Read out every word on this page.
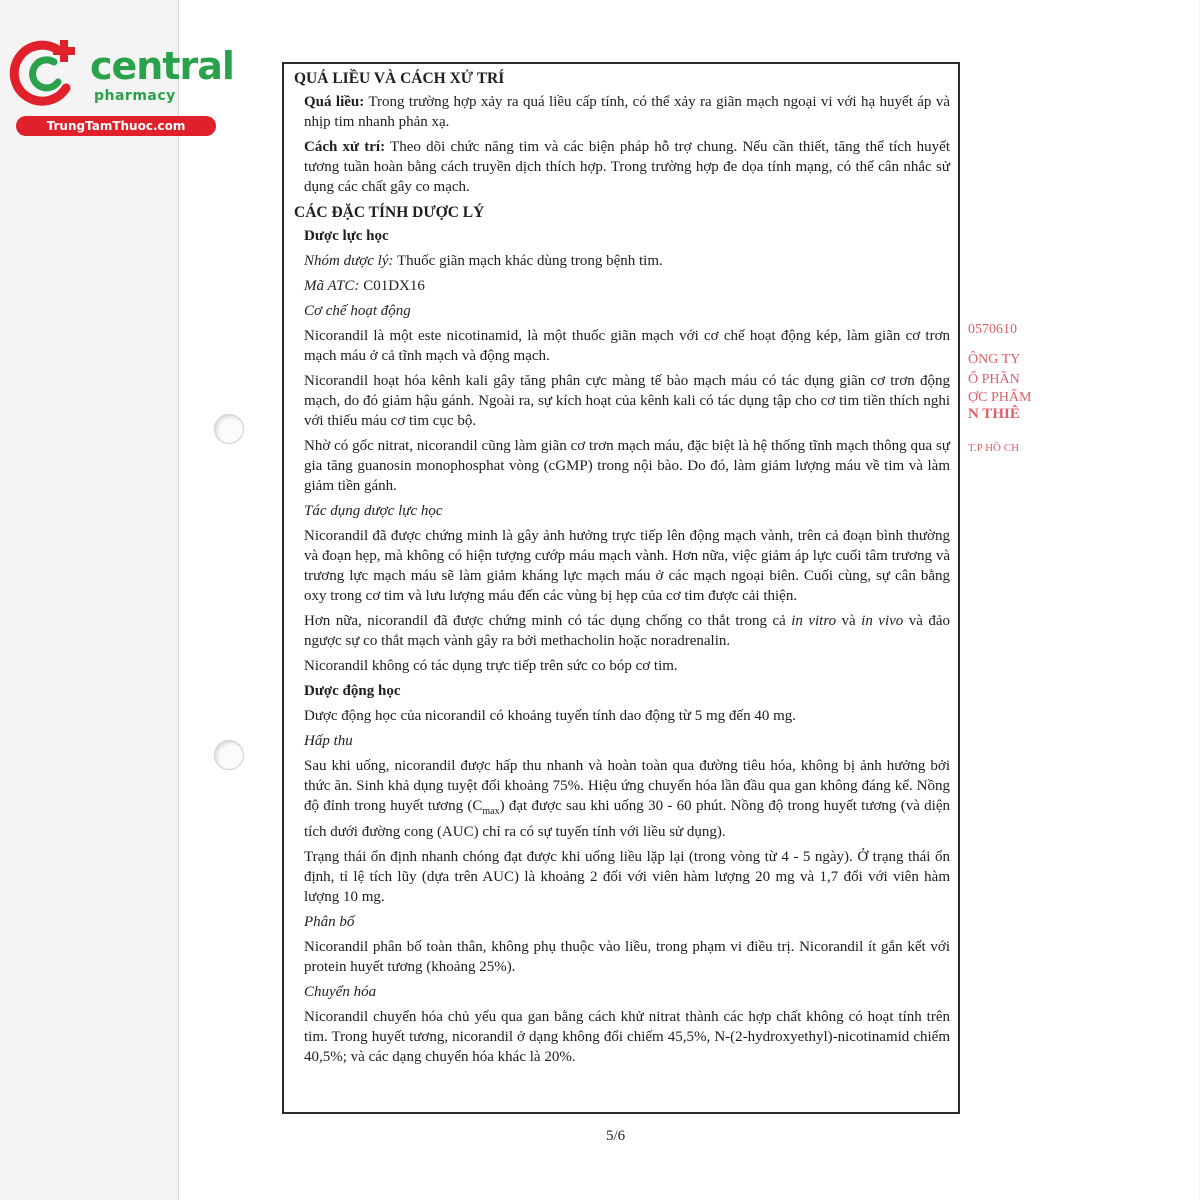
central
pharmacy
TrungTamThuoc.com
0570610
ÔNG TY
Ổ PHẦN
ỢC PHẨM
N THIÊ
T.P HỒ CH
QUÁ LIỀU VÀ CÁCH XỬ TRÍ
Quá liều: Trong trường hợp xảy ra quá liều cấp tính, có thể xảy ra giãn mạch ngoại vi với hạ huyết áp và nhịp tim nhanh phản xạ.
Cách xử trí: Theo dõi chức năng tim và các biện pháp hỗ trợ chung. Nếu cần thiết, tăng thể tích huyết tương tuần hoàn bằng cách truyền dịch thích hợp. Trong trường hợp đe dọa tính mạng, có thể cân nhắc sử dụng các chất gây co mạch.
CÁC ĐẶC TÍNH DƯỢC LÝ
Dược lực học
Nhóm dược lý: Thuốc giãn mạch khác dùng trong bệnh tim.
Mã ATC: C01DX16
Cơ chế hoạt động
Nicorandil là một este nicotinamid, là một thuốc giãn mạch với cơ chế hoạt động kép, làm giãn cơ trơn mạch máu ở cả tĩnh mạch và động mạch.
Nicorandil hoạt hóa kênh kali gây tăng phân cực màng tế bào mạch máu có tác dụng giãn cơ trơn động mạch, do đó giảm hậu gánh. Ngoài ra, sự kích hoạt của kênh kali có tác dụng tập cho cơ tim tiền thích nghi với thiếu máu cơ tim cục bộ.
Nhờ có gốc nitrat, nicorandil cũng làm giãn cơ trơn mạch máu, đặc biệt là hệ thống tĩnh mạch thông qua sự gia tăng guanosin monophosphat vòng (cGMP) trong nội bào. Do đó, làm giảm lượng máu về tim và làm giảm tiền gánh.
Tác dụng dược lực học
Nicorandil đã được chứng minh là gây ảnh hưởng trực tiếp lên động mạch vành, trên cả đoạn bình thường và đoạn hẹp, mà không có hiện tượng cướp máu mạch vành. Hơn nữa, việc giảm áp lực cuối tâm trương và trương lực mạch máu sẽ làm giảm kháng lực mạch máu ở các mạch ngoại biên. Cuối cùng, sự cân bằng oxy trong cơ tim và lưu lượng máu đến các vùng bị hẹp của cơ tim được cải thiện.
Hơn nữa, nicorandil đã được chứng minh có tác dụng chống co thắt trong cả in vitro và in vivo và đảo ngược sự co thắt mạch vành gây ra bởi methacholin hoặc noradrenalin.
Nicorandil không có tác dụng trực tiếp trên sức co bóp cơ tim.
Dược động học
Dược động học của nicorandil có khoảng tuyến tính dao động từ 5 mg đến 40 mg.
Hấp thu
Sau khi uống, nicorandil được hấp thu nhanh và hoàn toàn qua đường tiêu hóa, không bị ảnh hưởng bởi thức ăn. Sinh khả dụng tuyệt đối khoảng 75%. Hiệu ứng chuyển hóa lần đầu qua gan không đáng kể. Nồng độ đỉnh trong huyết tương $(C_{max})$ đạt được sau khi uống 30 - 60 phút. Nồng độ trong huyết tương (và diện tích dưới đường cong (AUC) chỉ ra có sự tuyến tính với liều sử dụng).
Trạng thái ổn định nhanh chóng đạt được khi uống liều lặp lại (trong vòng từ 4 - 5 ngày). Ở trạng thái ổn định, tỉ lệ tích lũy (dựa trên AUC) là khoảng 2 đối với viên hàm lượng 20 mg và 1,7 đối với viên hàm lượng 10 mg.
Phân bố
Nicorandil phân bố toàn thân, không phụ thuộc vào liều, trong phạm vi điều trị. Nicorandil ít gắn kết với protein huyết tương (khoảng 25%).
Chuyển hóa
Nicorandil chuyển hóa chủ yếu qua gan bằng cách khử nitrat thành các hợp chất không có hoạt tính trên tim. Trong huyết tương, nicorandil ở dạng không đổi chiếm 45,5%, N-(2-hydroxyethyl)-nicotinamid chiếm 40,5%; và các dạng chuyển hóa khác là 20%.
5/6
